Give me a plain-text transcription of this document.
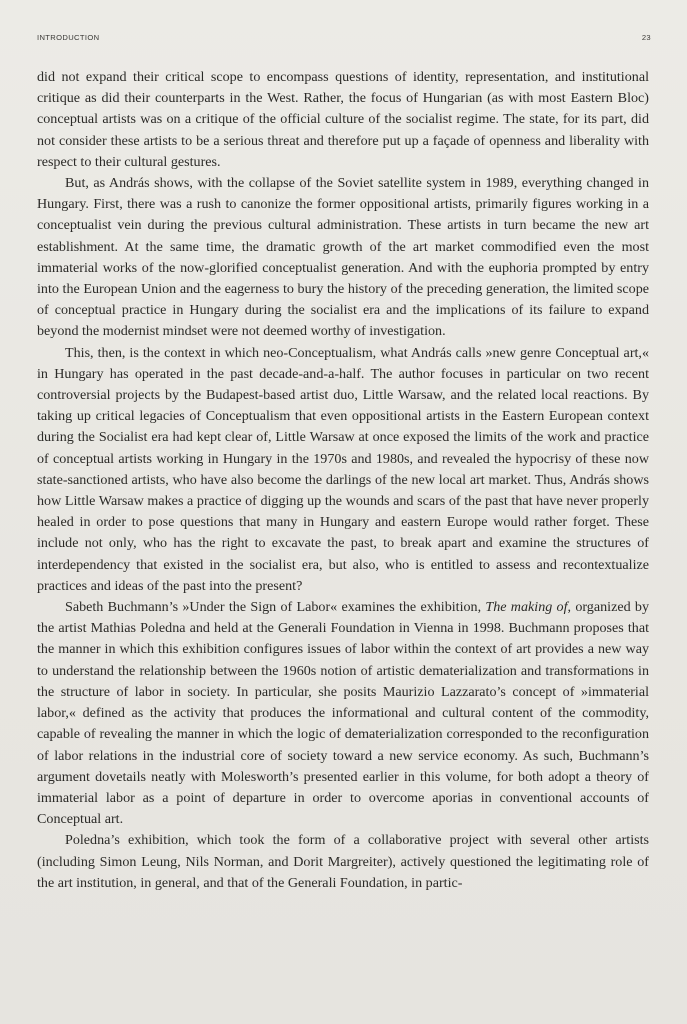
INTRODUCTION	23

did not expand their critical scope to encompass questions of identity, representation, and institutional critique as did their counterparts in the West. Rather, the focus of Hungarian (as with most Eastern Bloc) conceptual artists was on a critique of the official culture of the socialist regime. The state, for its part, did not consider these artists to be a serious threat and therefore put up a façade of openness and liberality with respect to their cultural gestures.

But, as András shows, with the collapse of the Soviet satellite system in 1989, everything changed in Hungary. First, there was a rush to canonize the former oppositional artists, primarily figures working in a conceptualist vein during the previous cultural administration. These artists in turn became the new art establishment. At the same time, the dramatic growth of the art market commodified even the most immaterial works of the now-glorified conceptualist generation. And with the euphoria prompted by entry into the European Union and the eagerness to bury the history of the preceding generation, the limited scope of conceptual practice in Hungary during the socialist era and the implications of its failure to expand beyond the modernist mindset were not deemed worthy of investigation.

This, then, is the context in which neo-Conceptualism, what András calls »new genre Conceptual art,« in Hungary has operated in the past decade-and-a-half. The author focuses in particular on two recent controversial projects by the Budapest-based artist duo, Little Warsaw, and the related local reactions. By taking up critical legacies of Conceptualism that even oppositional artists in the Eastern European context during the Socialist era had kept clear of, Little Warsaw at once exposed the limits of the work and practice of conceptual artists working in Hungary in the 1970s and 1980s, and revealed the hypocrisy of these now state-sanctioned artists, who have also become the darlings of the new local art market. Thus, András shows how Little Warsaw makes a practice of digging up the wounds and scars of the past that have never properly healed in order to pose questions that many in Hungary and eastern Europe would rather forget. These include not only, who has the right to excavate the past, to break apart and examine the structures of interdependency that existed in the socialist era, but also, who is entitled to assess and recontextualize practices and ideas of the past into the present?

Sabeth Buchmann’s »Under the Sign of Labor« examines the exhibition, The making of, organized by the artist Mathias Poledna and held at the Generali Foundation in Vienna in 1998. Buchmann proposes that the manner in which this exhibition configures issues of labor within the context of art provides a new way to understand the relationship between the 1960s notion of artistic dematerialization and transformations in the structure of labor in society. In particular, she posits Maurizio Lazzarato’s concept of »immaterial labor,« defined as the activity that produces the informational and cultural content of the commodity, capable of revealing the manner in which the logic of dematerialization corresponded to the reconfiguration of labor relations in the industrial core of society toward a new service economy. As such, Buchmann’s argument dovetails neatly with Molesworth’s presented earlier in this volume, for both adopt a theory of immaterial labor as a point of departure in order to overcome aporias in conventional accounts of Conceptual art.

Poledna’s exhibition, which took the form of a collaborative project with several other artists (including Simon Leung, Nils Norman, and Dorit Margreiter), actively questioned the legitimating role of the art institution, in general, and that of the Generali Foundation, in partic-
